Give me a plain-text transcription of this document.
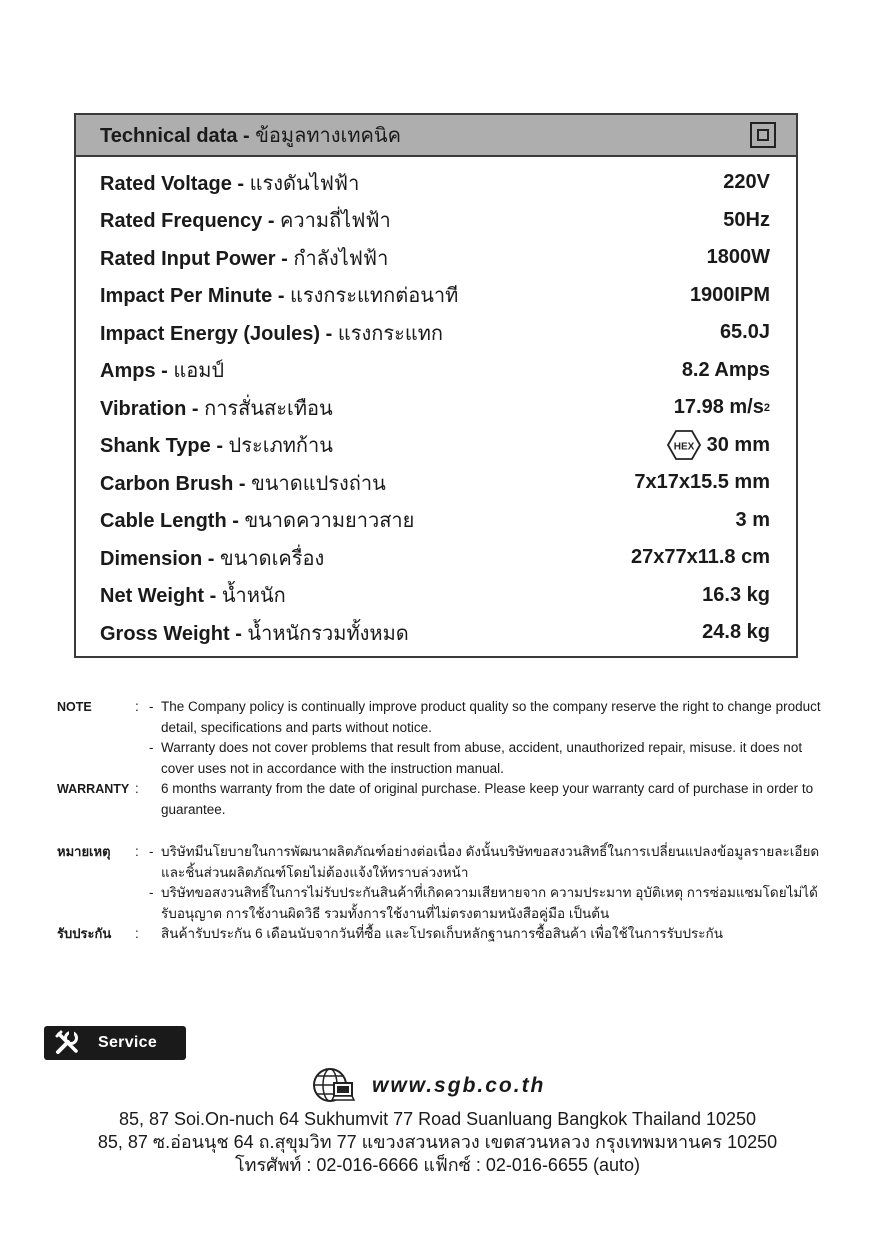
Technical data - ข้อมูลทางเทคนิค
Rated Voltage - แรงดันไฟฟ้า	220V
Rated Frequency - ความถี่ไฟฟ้า	50Hz
Rated Input Power - กำลังไฟฟ้า	1800W
Impact Per Minute - แรงกระแทกต่อนาที	1900IPM
Impact Energy (Joules) - แรงกระแทก	65.0J
Amps - แอมป์	8.2 Amps
Vibration - การสั่นสะเทือน	17.98 m/s 2
Shank Type - ประเภทก้าน	HEX 30 mm
Carbon Brush - ขนาดแปรงถ่าน	7x17x15.5 mm
Cable Length - ขนาดความยาวสาย	3 m
Dimension - ขนาดเครื่อง	27x77x11.8 cm
Net Weight - น้ำหนัก	16.3 kg
Gross Weight - น้ำหนักรวมทั้งหมด	24.8 kg
NOTE	: - The Company policy is continually improve product quality so the company reserve the right to change product detail, specifications and parts without notice.
- Warranty does not cover problems that result from abuse, accident, unauthorized repair, misuse. it does not cover uses not in accordance with the instruction manual.
WARRANTY :	6 months warranty from the date of original purchase. Please keep your warranty card of purchase in order to guarantee.
หมายเหตุ	: - บริษัทมีนโยบายในการพัฒนาผลิตภัณฑ์อย่างต่อเนื่อง ดังนั้นบริษัทขอสงวนสิทธิ์ในการเปลี่ยนแปลงข้อมูลรายละเอียดและชิ้นส่วนผลิตภัณฑ์โดยไม่ต้องแจ้งให้ทราบล่วงหน้า
- บริษัทขอสงวนสิทธิ์ในการไม่รับประกันสินค้าที่เกิดความเสียหายจาก ความประมาท อุบัติเหตุ การซ่อมแซมโดยไม่ได้รับอนุญาต การใช้งานผิดวิธี รวมทั้งการใช้งานที่ไม่ตรงตามหนังสือคู่มือ เป็นต้น
รับประกัน	:	สินค้ารับประกัน 6 เดือนนับจากวันที่ซื้อ และโปรดเก็บหลักฐานการซื้อสินค้า เพื่อใช้ในการรับประกัน
Service
www.sgb.co.th
85, 87 Soi.On-nuch 64 Sukhumvit 77 Road Suanluang Bangkok Thailand 10250
85, 87 ซ.อ่อนนุช 64 ถ.สุขุมวิท 77 แขวงสวนหลวง เขตสวนหลวง กรุงเทพมหานคร 10250
โทรศัพท์ : 02-016-6666 แฟ็กซ์ : 02-016-6655 (auto)
